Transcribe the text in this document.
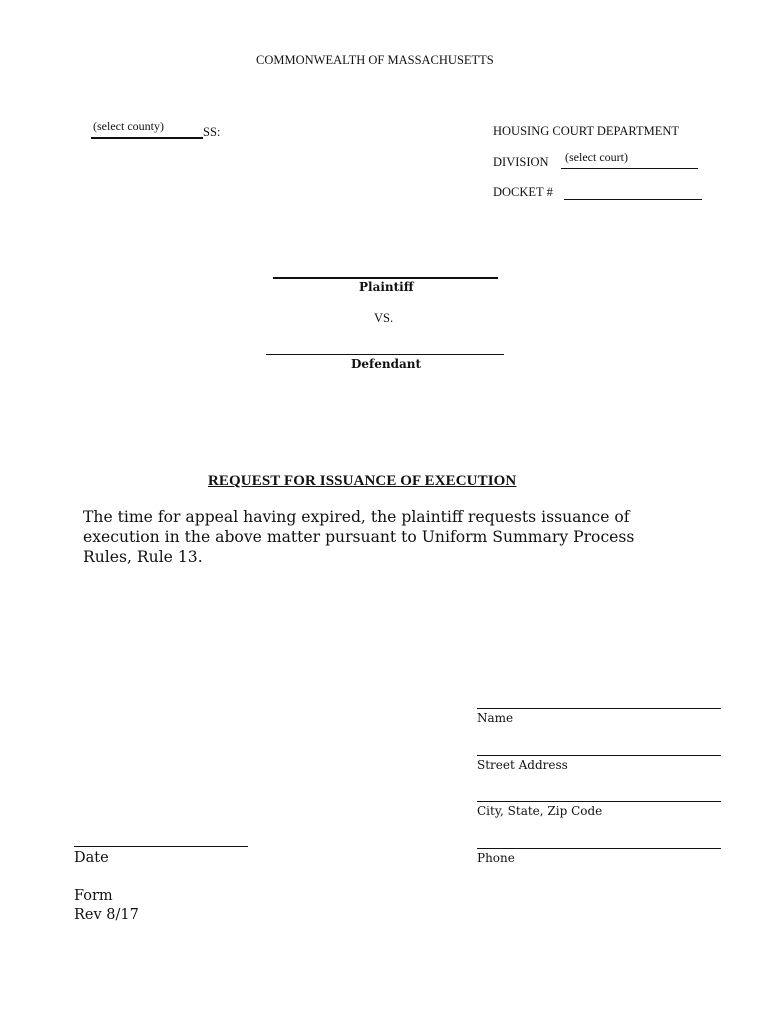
COMMONWEALTH OF MASSACHUSETTS
(select county)	SS:	HOUSING COURT DEPARTMENT
DIVISION (select court)
DOCKET #
Plaintiff
VS.
Defendant
REQUEST FOR ISSUANCE OF EXECUTION
The time for appeal having expired, the plaintiff requests issuance of execution in the above matter pursuant to Uniform Summary Process Rules, Rule 13.
Name
Street Address
City, State, Zip Code
Phone
Date
Form
Rev 8/17
